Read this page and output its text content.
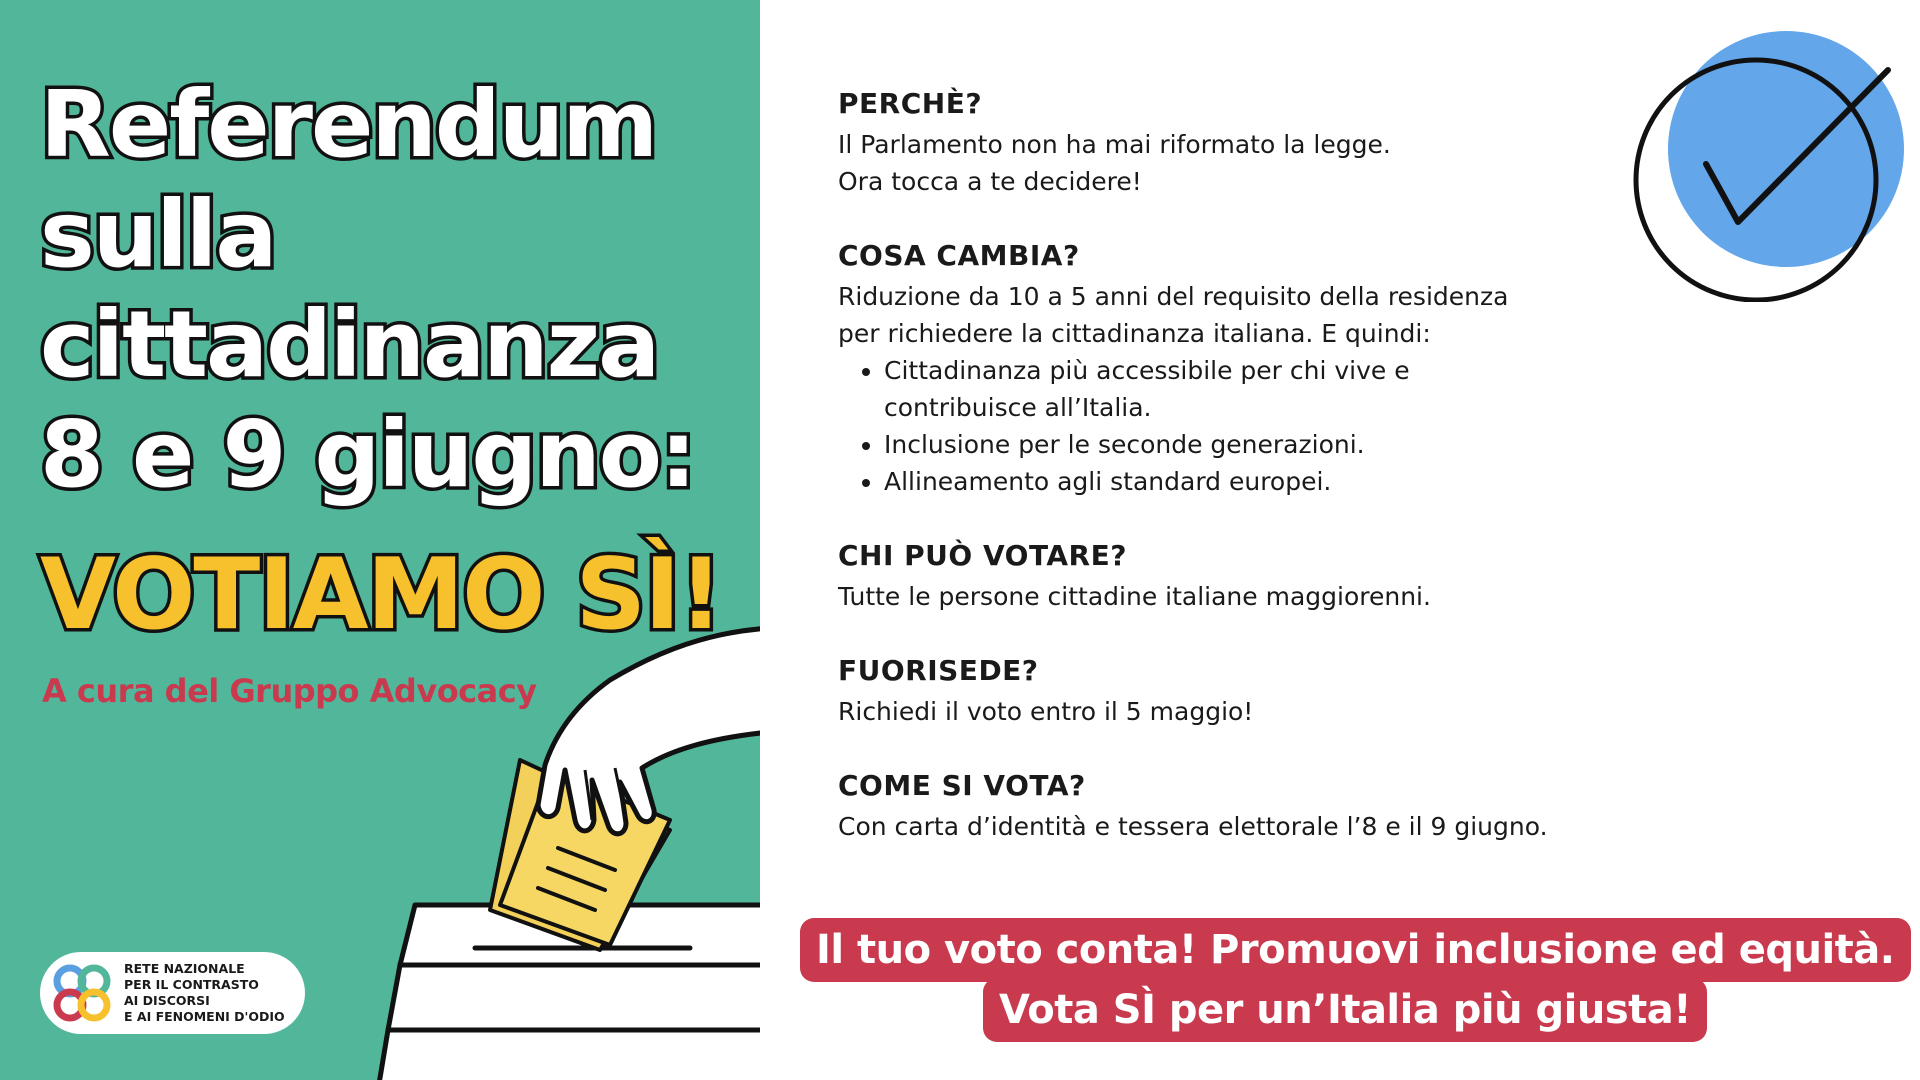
Referendum
sulla
cittadinanza
8 e 9 giugno:
VOTIAMO SÌ!
A cura del Gruppo Advocacy
RETE NAZIONALE
PER IL CONTRASTO
AI DISCORSI
E AI FENOMENI D'ODIO
PERCHÈ?

Il Parlamento non ha mai riformato la legge.
Ora tocca a te decidere!

COSA CAMBIA?

Riduzione da 10 a 5 anni del requisito della residenza
per richiedere la cittadinanza italiana. E quindi:

• Cittadinanza più accessibile per chi vive e contribuisce all’Italia.
• Inclusione per le seconde generazioni.
• Allineamento agli standard europei.
CHI PUÒ VOTARE?

Tutte le persone cittadine italiane maggiorenni.

FUORISEDE?

Richiedi il voto entro il 5 maggio!

COME SI VOTA?

Con carta d’identità e tessera elettorale l’8 e il 9 giugno.

Il tuo voto conta! Promuovi inclusione ed equità.
Vota SÌ per un’Italia più giusta!
